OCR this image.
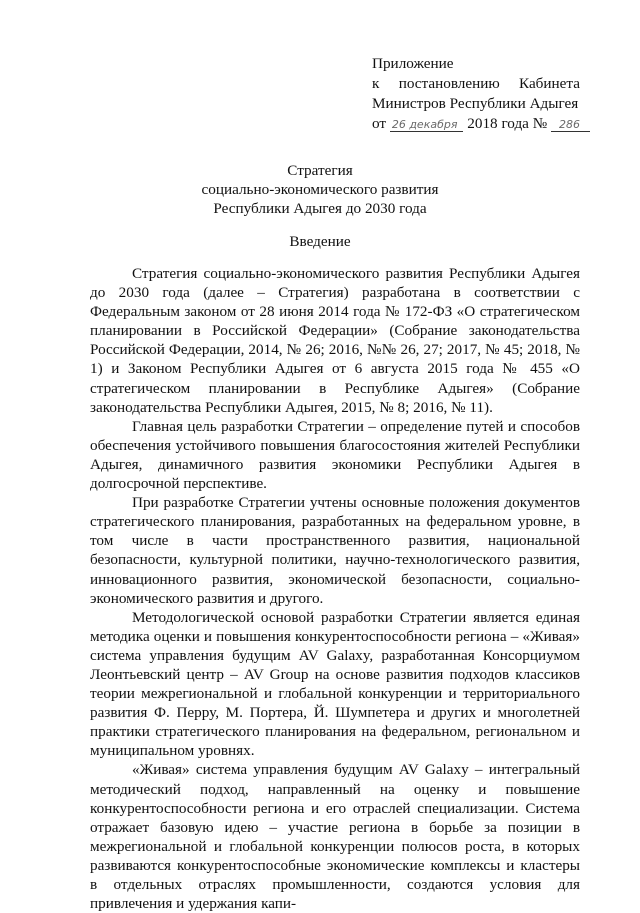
Приложение
к постановлению Кабинета
Министров Республики Адыгея
от 26 декабря 2018 года № 286
Стратегия
социально-экономического развития
Республики Адыгея до 2030 года
Введение

Стратегия социально-экономического развития Республики Адыгея до 2030 года (далее – Стратегия) разработана в соответствии с Федеральным законом от 28 июня 2014 года № 172-ФЗ «О стратегическом планировании в Российской Федерации» (Собрание законодательства Российской Федерации, 2014, № 26; 2016, №№ 26, 27; 2017, № 45; 2018, № 1) и Законом Республики Адыгея от 6 августа 2015 года № 455 «О стратегическом планировании в Республике Адыгея» (Собрание законодательства Республики Адыгея, 2015, № 8; 2016, № 11).

Главная цель разработки Стратегии – определение путей и способов обеспечения устойчивого повышения благосостояния жителей Республики Адыгея, динамичного развития экономики Республики Адыгея в долгосрочной перспективе.

При разработке Стратегии учтены основные положения документов стратегического планирования, разработанных на федеральном уровне, в том числе в части пространственного развития, национальной безопасности, культурной политики, научно-технологического развития, инновационного развития, экономической безопасности, социально-экономического развития и другого.

Методологической основой разработки Стратегии является единая методика оценки и повышения конкурентоспособности региона – «Живая» система управления будущим AV Galaxy, разработанная Консорциумом Леонтьевский центр – AV Group на основе развития подходов классиков теории межрегиональной и глобальной конкуренции и территориального развития Ф. Перру, М. Портера, Й. Шумпетера и других и многолетней практики стратегического планирования на федеральном, региональном и муниципальном уровнях.

«Живая» система управления будущим AV Galaxy – интегральный методический подход, направленный на оценку и повышение конкурентоспособности региона и его отраслей специализации. Система отражает базовую идею – участие региона в борьбе за позиции в межрегиональной и глобальной конкуренции полюсов роста, в которых развиваются конкурентоспособные экономические комплексы и кластеры в отдельных отраслях промышленности, создаются условия для привлечения и удержания капи-
